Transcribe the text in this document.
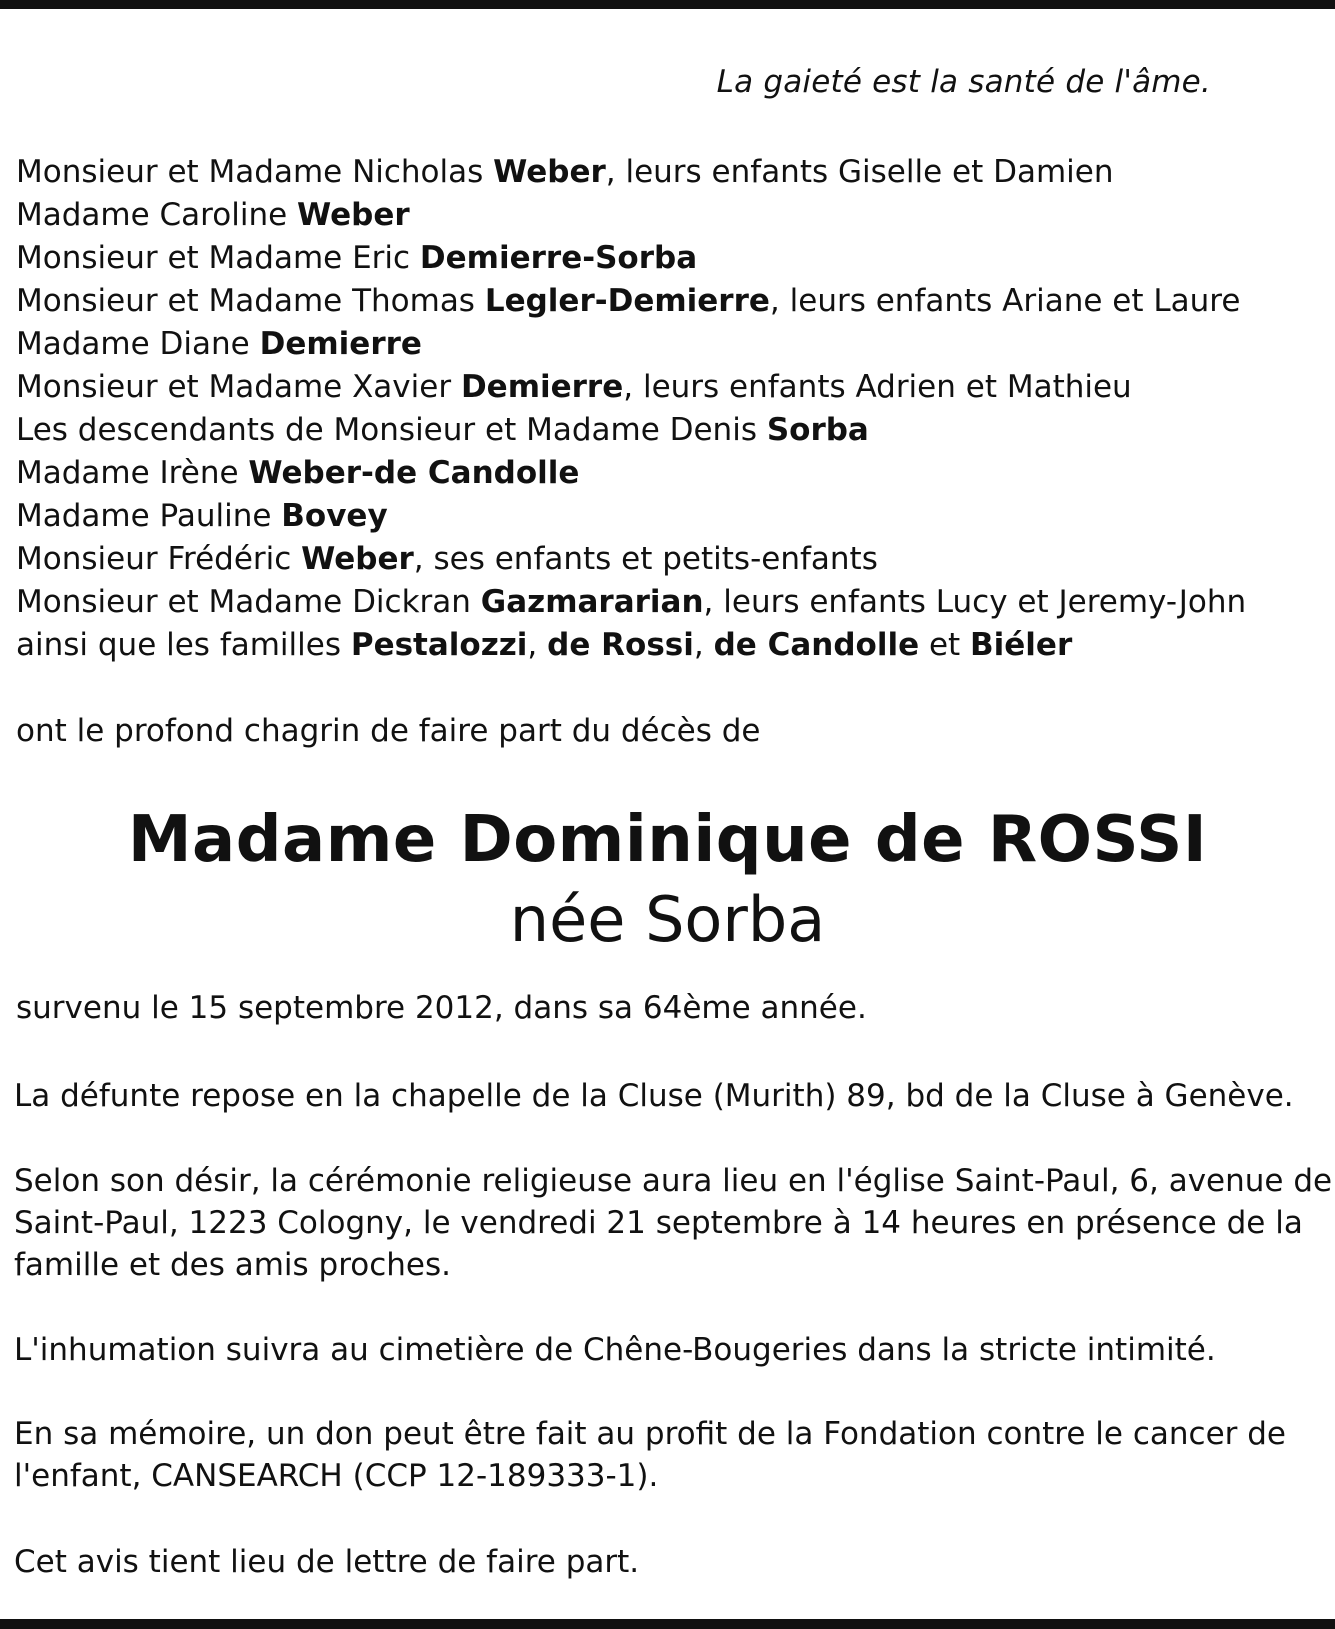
La gaieté est la santé de l'âme.
Monsieur et Madame Nicholas Weber, leurs enfants Giselle et Damien
Madame Caroline Weber
Monsieur et Madame Eric Demierre-Sorba
Monsieur et Madame Thomas Legler-Demierre, leurs enfants Ariane et Laure
Madame Diane Demierre
Monsieur et Madame Xavier Demierre, leurs enfants Adrien et Mathieu
Les descendants de Monsieur et Madame Denis Sorba
Madame Irène Weber-de Candolle
Madame Pauline Bovey
Monsieur Frédéric Weber, ses enfants et petits-enfants
Monsieur et Madame Dickran Gazmararian, leurs enfants Lucy et Jeremy-John
ainsi que les familles Pestalozzi, de Rossi, de Candolle et Biéler
ont le profond chagrin de faire part du décès de
Madame Dominique de ROSSI
née Sorba
survenu le 15 septembre 2012, dans sa 64ème année.
La défunte repose en la chapelle de la Cluse (Murith) 89, bd de la Cluse à Genève.
Selon son désir, la cérémonie religieuse aura lieu en l'église Saint-Paul, 6, avenue de
Saint-Paul, 1223 Cologny, le vendredi 21 septembre à 14 heures en présence de la
famille et des amis proches.
L'inhumation suivra au cimetière de Chêne-Bougeries dans la stricte intimité.
En sa mémoire, un don peut être fait au profit de la Fondation contre le cancer de
l'enfant, CANSEARCH (CCP 12-189333-1).
Cet avis tient lieu de lettre de faire part.
